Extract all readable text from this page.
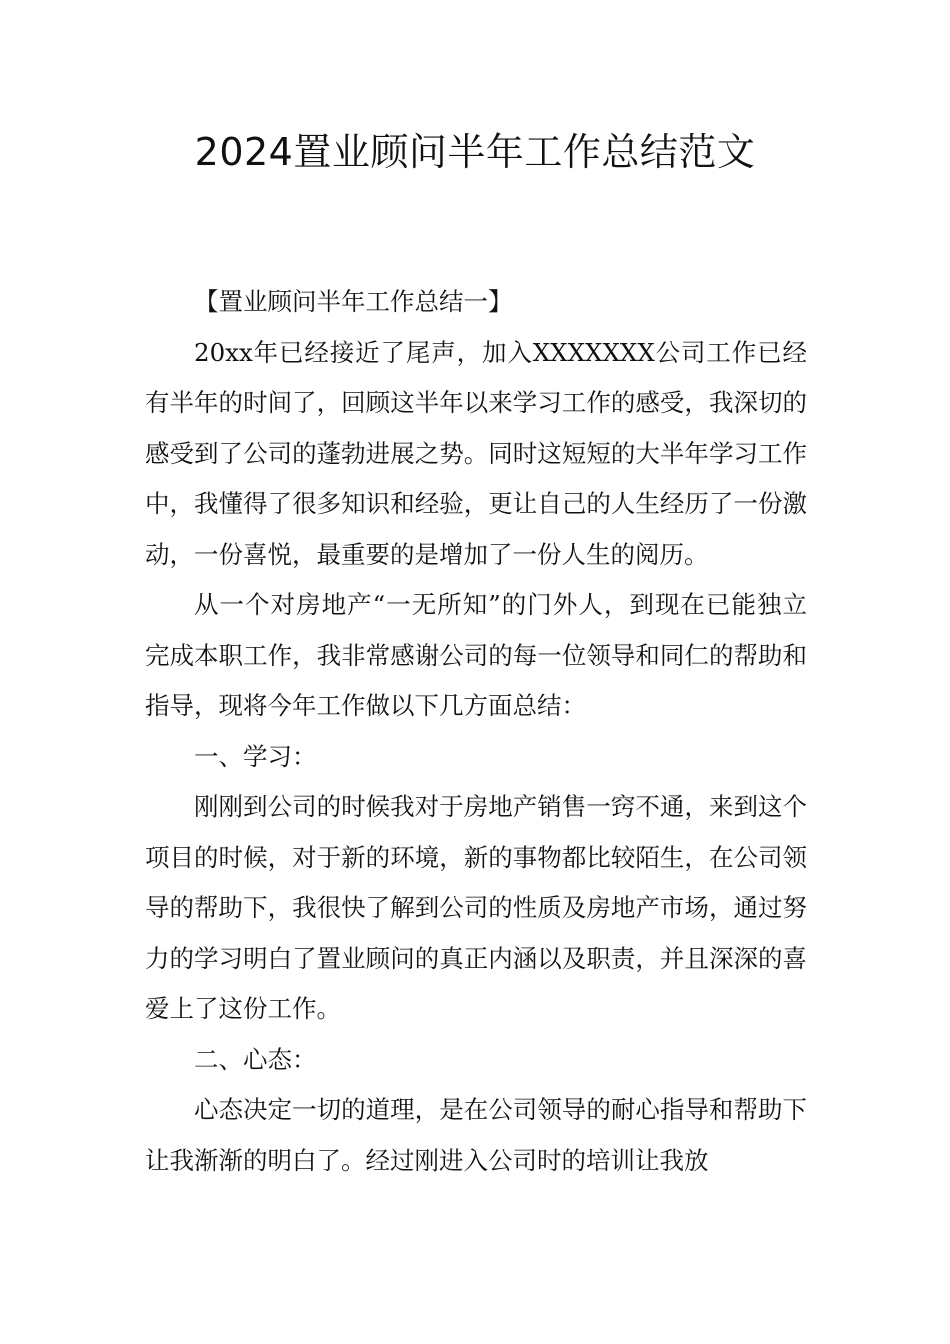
2024置业顾问半年工作总结范文

【置业顾问半年工作总结一】

20xx年已经接近了尾声，加入XXXXXXX公司工作已经有半年的时间了，回顾这半年以来学习工作的感受，我深切的感受到了公司的蓬勃进展之势。同时这短短的大半年学习工作中，我懂得了很多知识和经验，更让自己的人生经历了一份激动，一份喜悦，最重要的是增加了一份人生的阅历。

从一个对房地产“一无所知”的门外人，到现在已能独立完成本职工作，我非常感谢公司的每一位领导和同仁的帮助和指导，现将今年工作做以下几方面总结：

一、学习：

刚刚到公司的时候我对于房地产销售一窍不通，来到这个项目的时候，对于新的环境，新的事物都比较陌生，在公司领导的帮助下，我很快了解到公司的性质及房地产市场，通过努力的学习明白了置业顾问的真正内涵以及职责，并且深深的喜爱上了这份工作。

二、心态：

心态决定一切的道理，是在公司领导的耐心指导和帮助下让我渐渐的明白了。经过刚进入公司时的培训让我放
